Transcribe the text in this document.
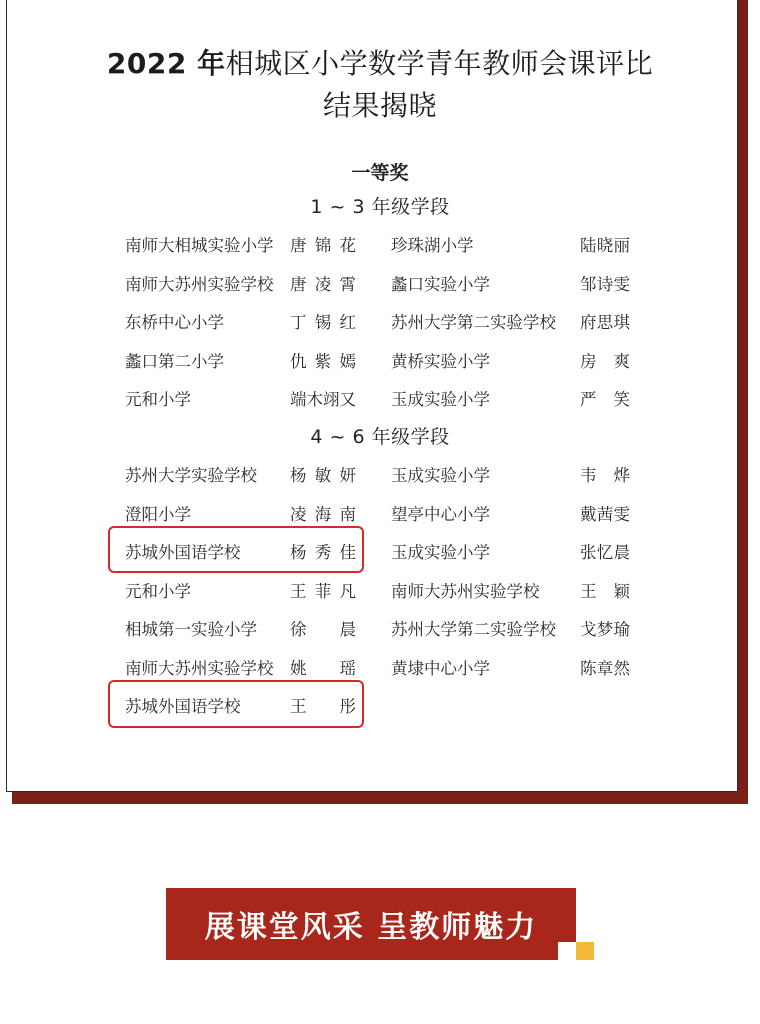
2022 年相城区小学数学青年教师会课评比
结果揭晓
一等奖
1 ~ 3 年级学段
南师大相城实验小学 唐锦花 珍珠湖小学	陆晓丽
南师大苏州实验学校 唐凌霄 蠡口实验小学	邹诗雯
东桥中心小学	丁锡红 苏州大学第二实验学校 府思琪
蠡口第二小学	仇紫嫣 黄桥实验小学	房　爽
元和小学	端木翊又 玉成实验小学	严　笑
4 ~ 6 年级学段
苏州大学实验学校 杨敏妍 玉成实验小学	韦　烨
澄阳小学	凌海南 望亭中心小学	戴茜雯
苏城外国语学校	杨秀佳 玉成实验小学	张忆晨
元和小学	王菲凡 南师大苏州实验学校 王　颖
相城第一实验小学 徐　晨 苏州大学第二实验学校 戈梦瑜
南师大苏州实验学校 姚　瑶 黄埭中心小学	陈章然
苏城外国语学校	王　彤
展课堂风采 呈教师魅力
